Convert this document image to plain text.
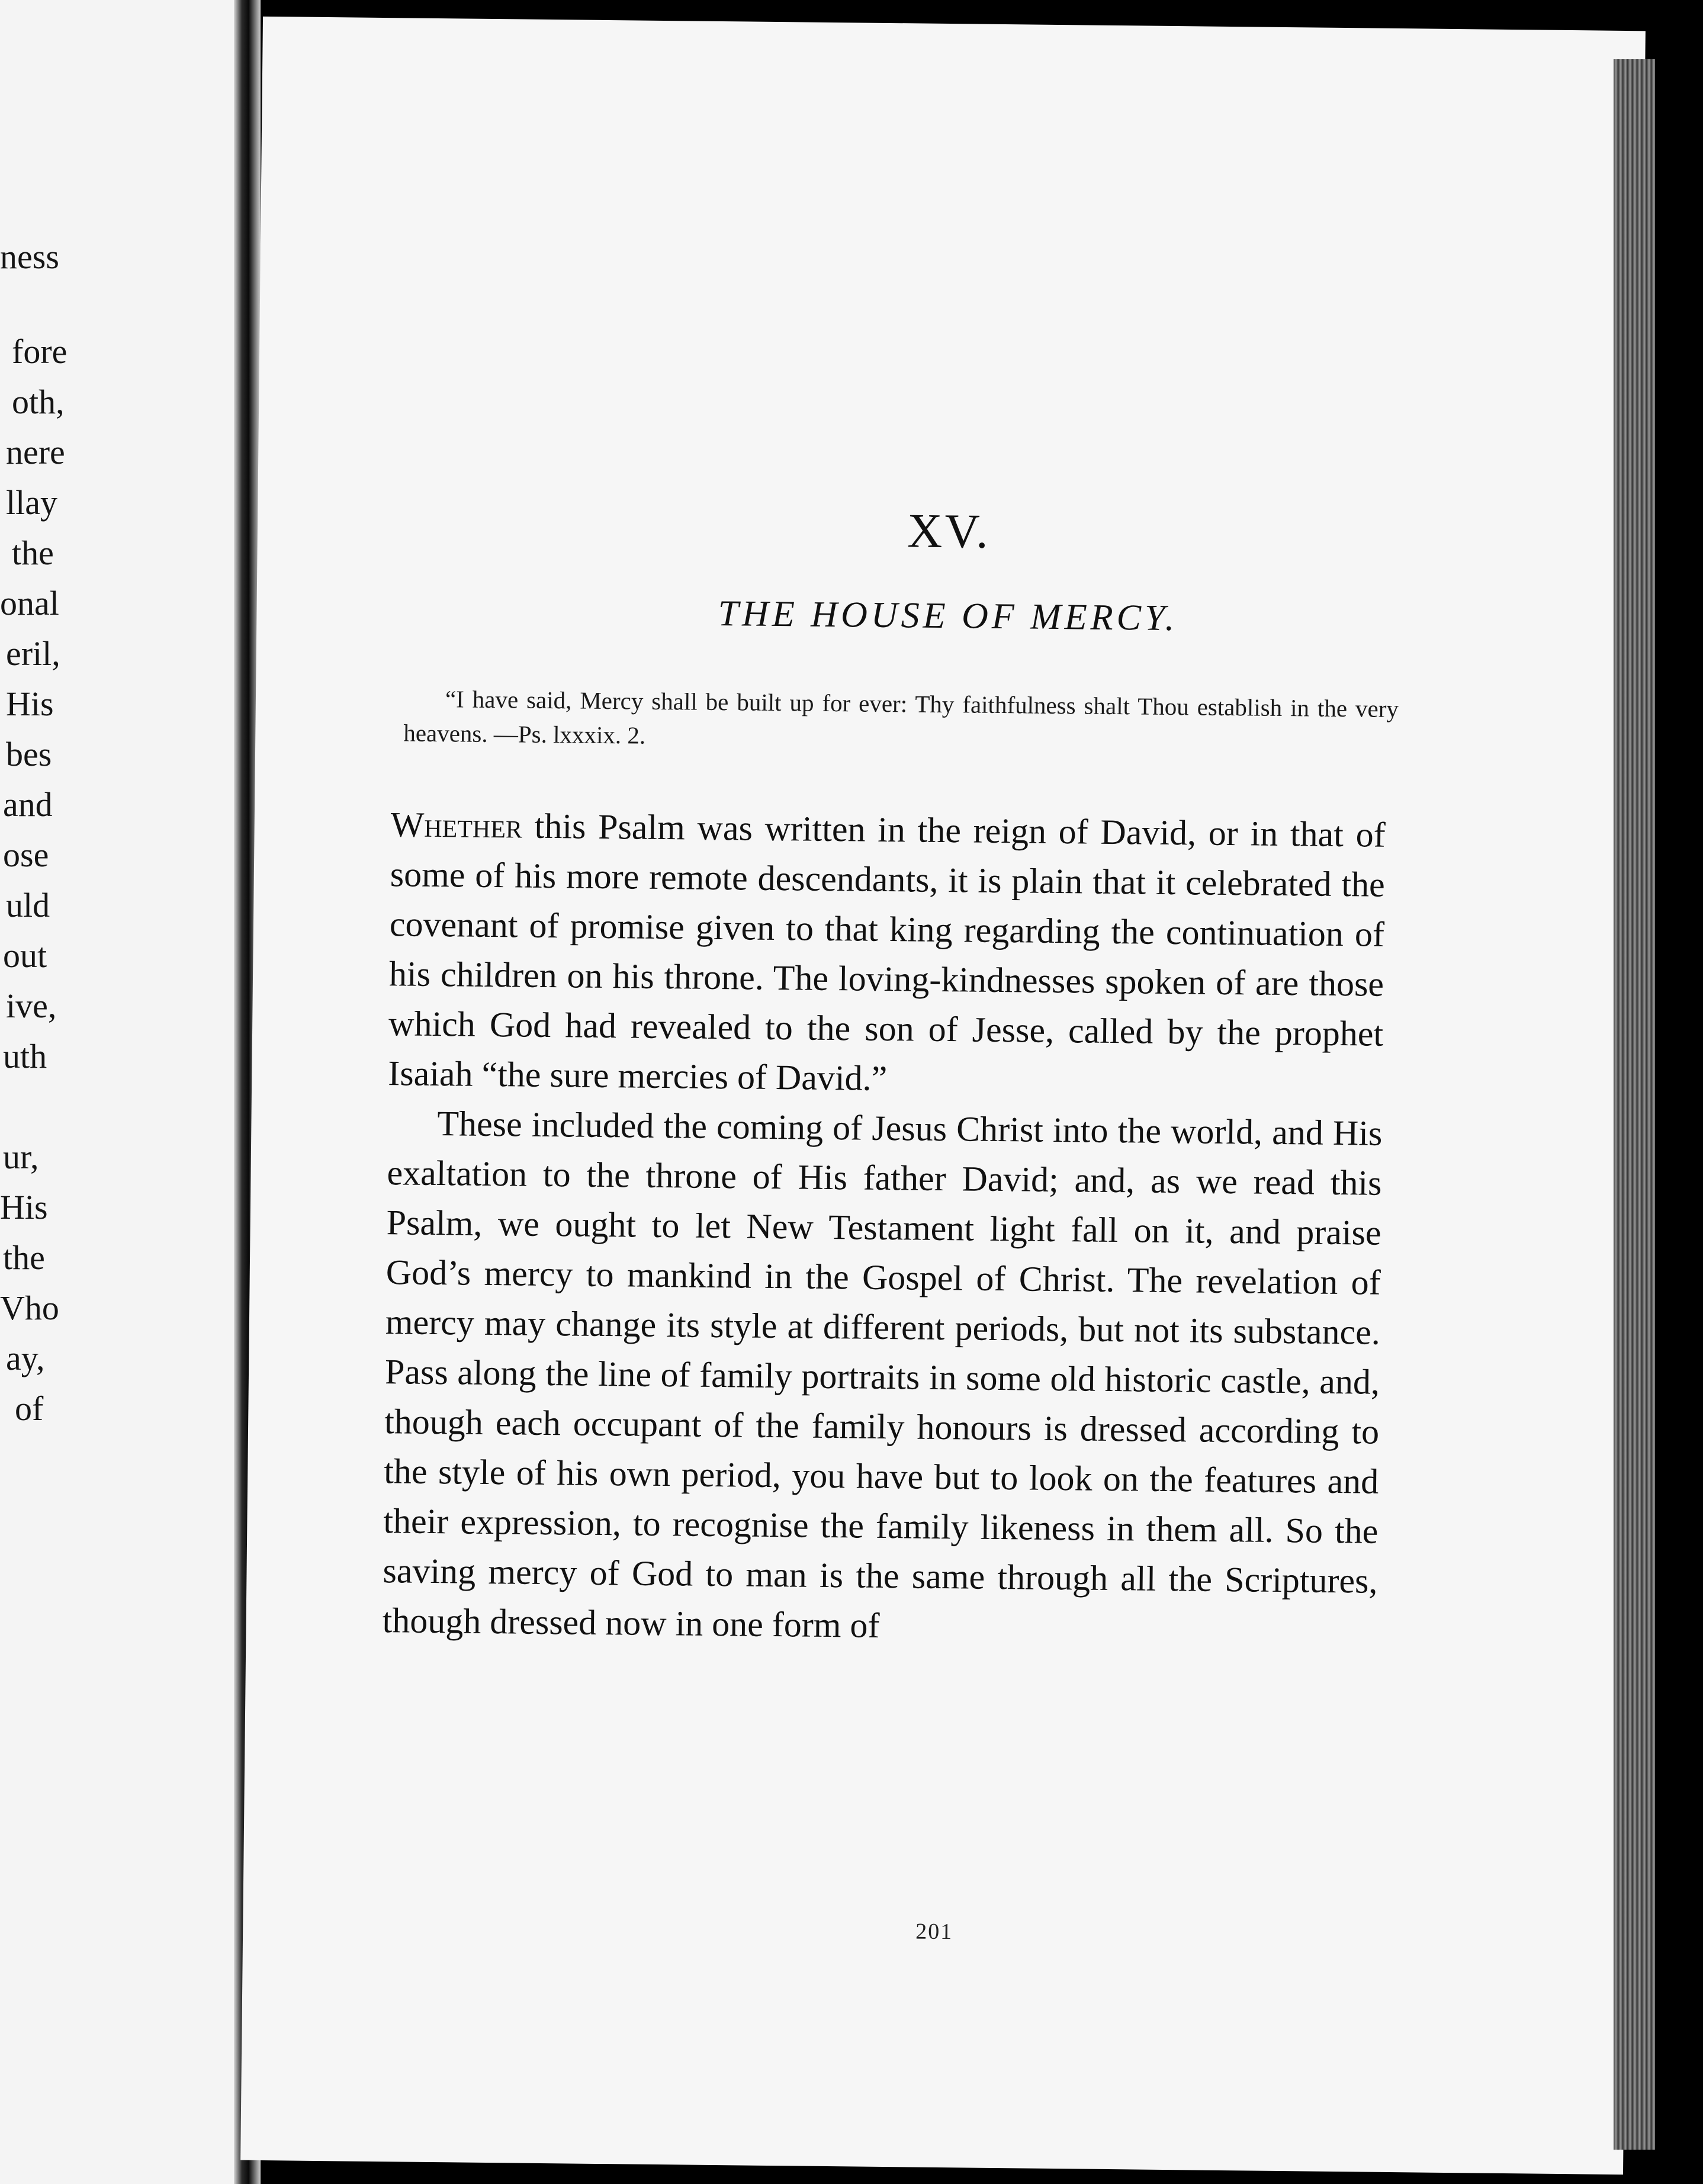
ness
fore
oth,
nere
llay
the
onal
eril,
His
bes
and
ose
uld
out
ive,
uth
ur,
His
the
Vho
ay,
of
XV.
THE HOUSE OF MERCY.
“I have said, Mercy shall be built up for ever: Thy faithfulness shalt Thou establish in the very heavens. —Ps. lxxxix. 2.

Whether this Psalm was written in the reign of David, or in that of some of his more remote descendants, it is plain that it celebrated the covenant of promise given to that king regarding the continuation of his children on his throne. The loving-kindnesses spoken of are those which God had revealed to the son of Jesse, called by the prophet Isaiah “the sure mercies of David.”

These included the coming of Jesus Christ into the world, and His exaltation to the throne of His father David; and, as we read this Psalm, we ought to let New Testament light fall on it, and praise God’s mercy to mankind in the Gospel of Christ. The revelation of mercy may change its style at different periods, but not its substance. Pass along the line of family portraits in some old historic castle, and, though each occupant of the family honours is dressed according to the style of his own period, you have but to look on the features and their expression, to recognise the family likeness in them all. So the saving mercy of God to man is the same through all the Scriptures, though dressed now in one form of

201
